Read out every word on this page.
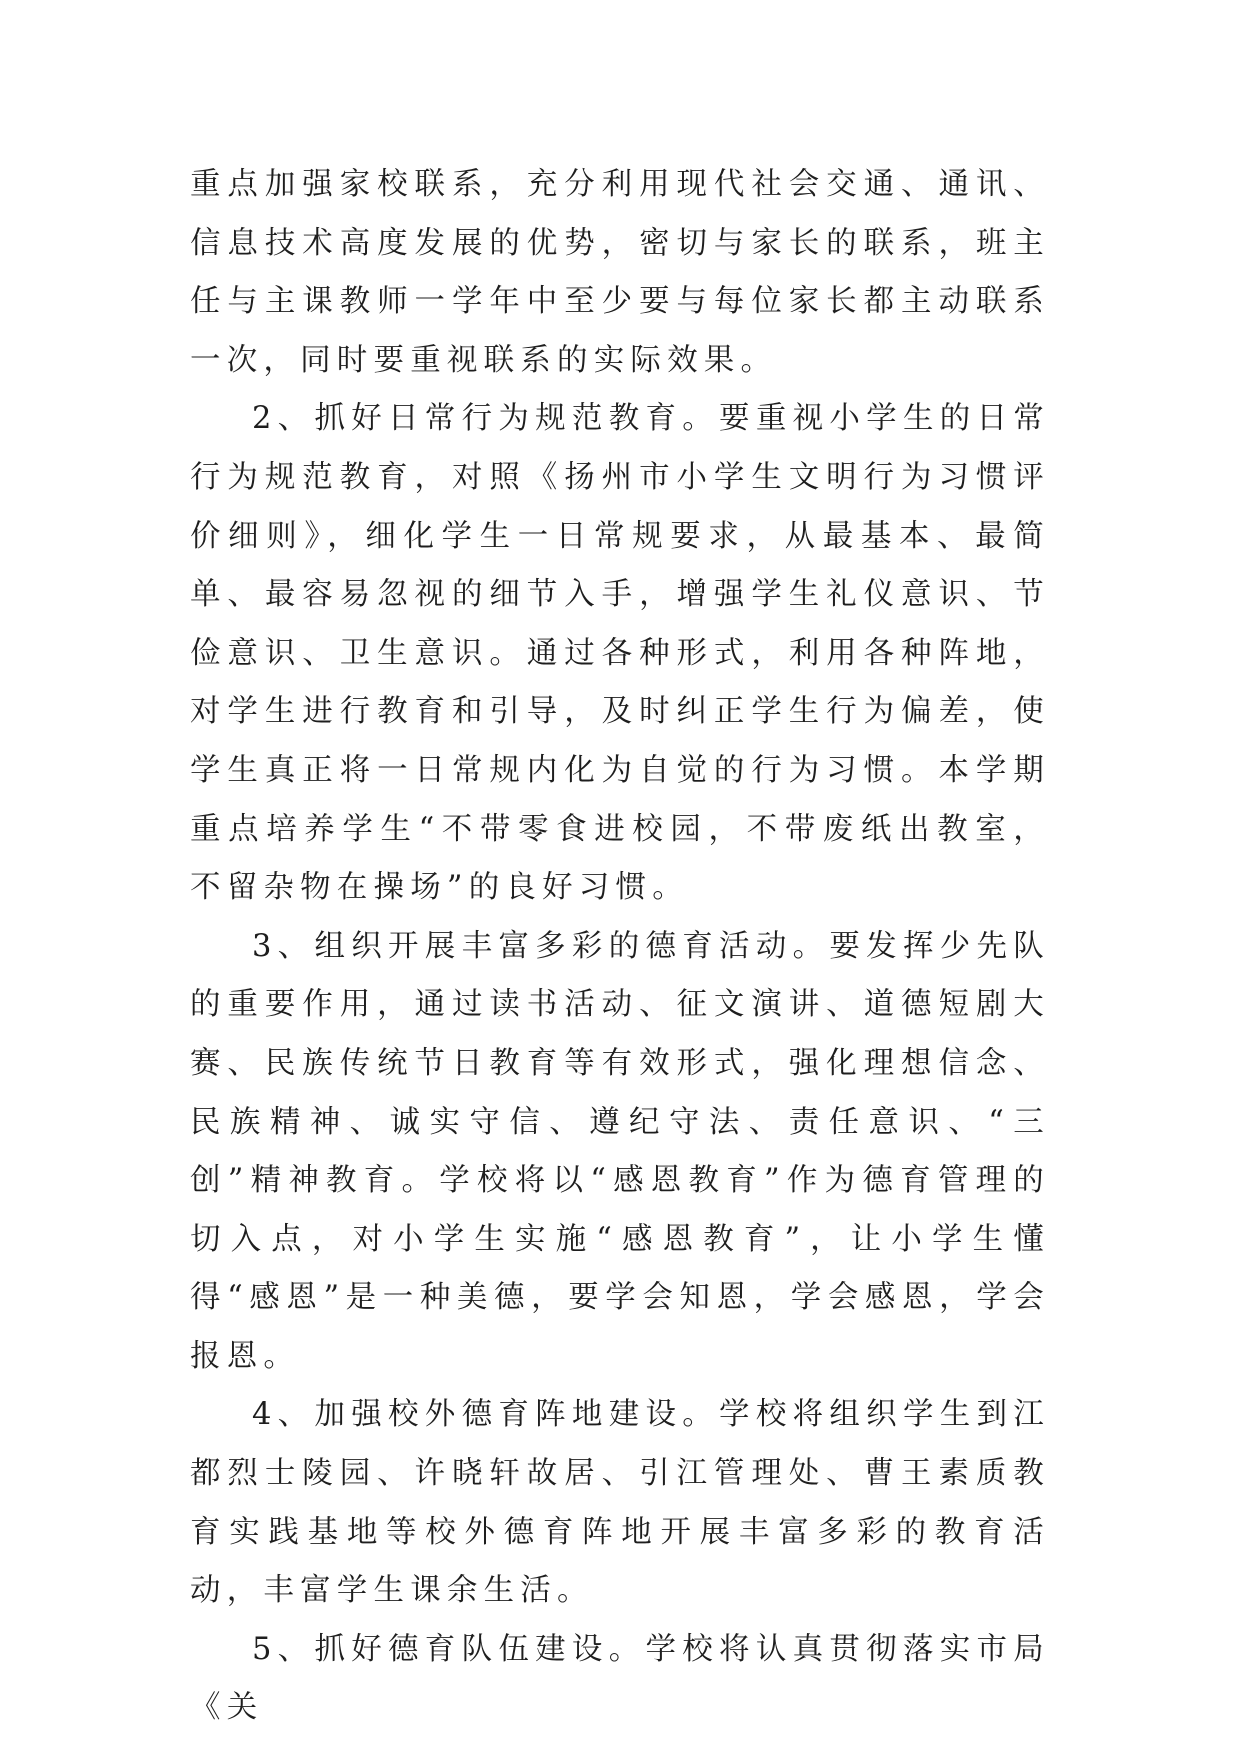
重点加强家校联系，充分利用现代社会交通、通讯、信息技术高度发展的优势，密切与家长的联系，班主任与主课教师一学年中至少要与每位家长都主动联系一次，同时要重视联系的实际效果。

2、抓好日常行为规范教育。要重视小学生的日常行为规范教育，对照《扬州市小学生文明行为习惯评价细则》，细化学生一日常规要求，从最基本、最简单、最容易忽视的细节入手，增强学生礼仪意识、节俭意识、卫生意识。通过各种形式，利用各种阵地，对学生进行教育和引导，及时纠正学生行为偏差，使学生真正将一日常规内化为自觉的行为习惯。本学期重点培养学生“不带零食进校园，不带废纸出教室，不留杂物在操场”的良好习惯。

3、组织开展丰富多彩的德育活动。要发挥少先队的重要作用，通过读书活动、征文演讲、道德短剧大赛、民族传统节日教育等有效形式，强化理想信念、民族精神、诚实守信、遵纪守法、责任意识、“三创”精神教育。学校将以“感恩教育”作为德育管理的切入点，对小学生实施“感恩教育”，让小学生懂得“感恩”是一种美德，要学会知恩，学会感恩，学会报恩。

4、加强校外德育阵地建设。学校将组织学生到江都烈士陵园、许晓轩故居、引江管理处、曹王素质教育实践基地等校外德育阵地开展丰富多彩的教育活动，丰富学生课余生活。

5、抓好德育队伍建设。学校将认真贯彻落实市局《关
